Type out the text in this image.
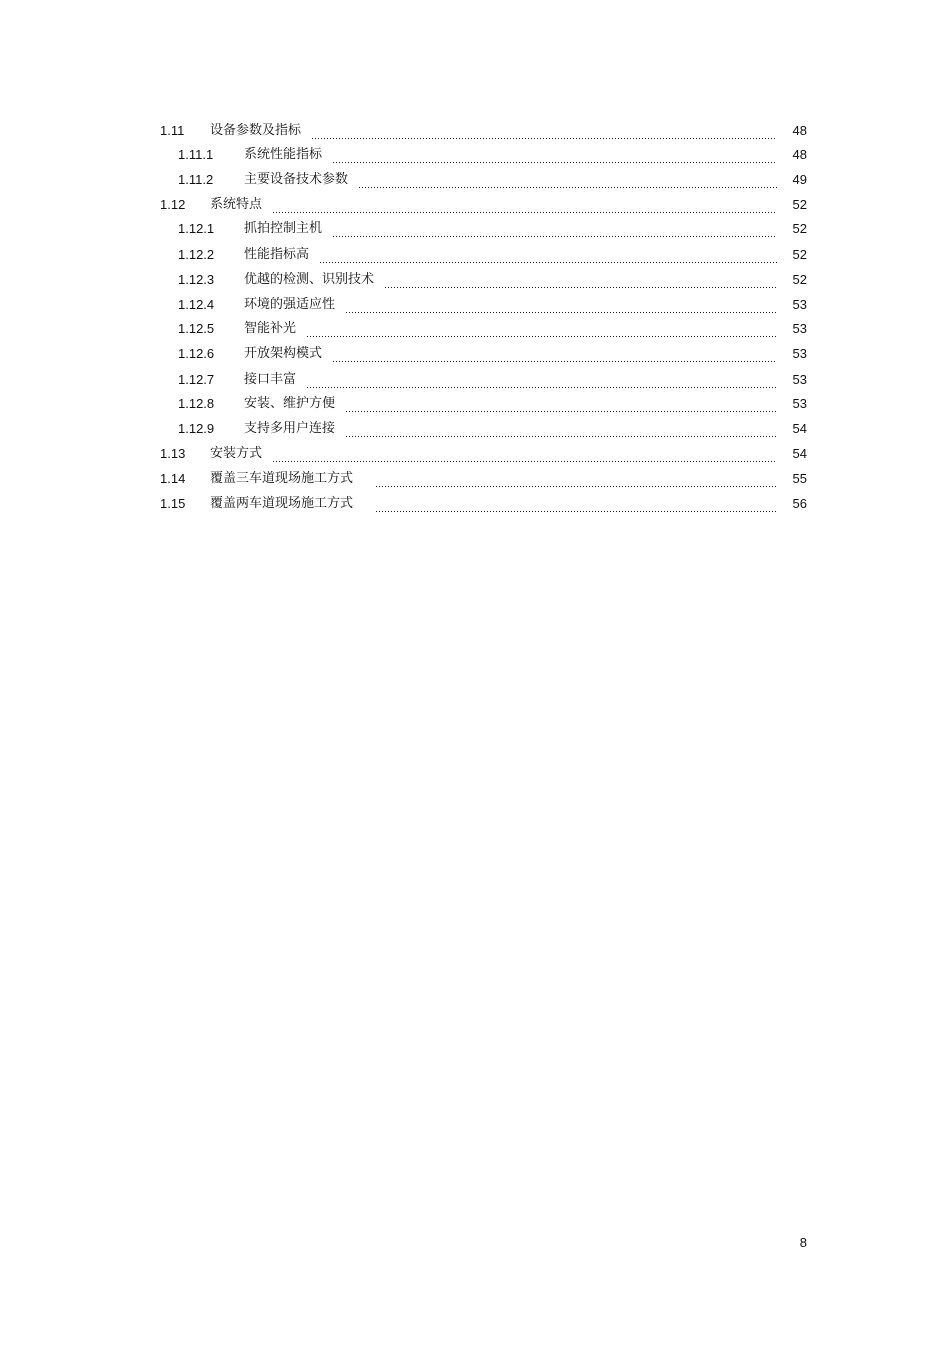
1.11	设备参数及指标	48
1.11.1	系统性能指标	48
1.11.2	主要设备技术参数	49
1.12	系统特点	52
1.12.1	抓拍控制主机	52
1.12.2	性能指标高	52
1.12.3	优越的检测、识别技术	52
1.12.4	环境的强适应性	53
1.12.5	智能补光	53
1.12.6	开放架构模式	53
1.12.7	接口丰富	53
1.12.8	安装、维护方便	53
1.12.9	支持多用户连接	54
1.13	安装方式	54
1.14	覆盖三车道现场施工方式	55
1.15	覆盖两车道现场施工方式	56
8
